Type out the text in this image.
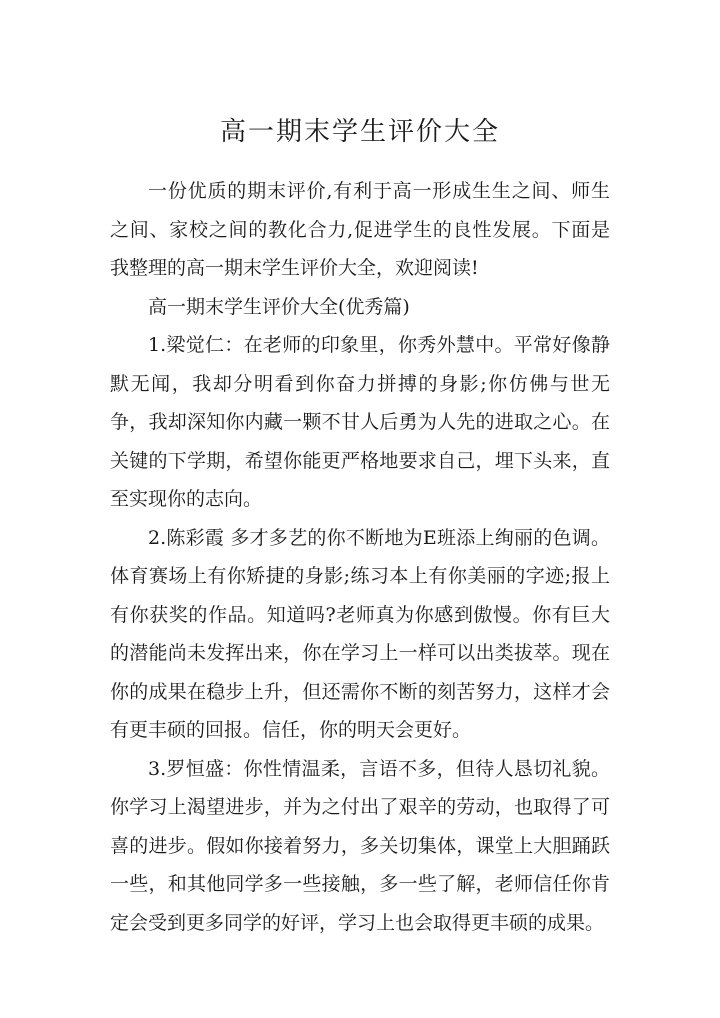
高一期末学生评价大全

一份优质的期末评价,有利于高一形成生生之间、师生之间、家校之间的教化合力,促进学生的良性发展。下面是我整理的高一期末学生评价大全，欢迎阅读!

高一期末学生评价大全(优秀篇)

1.梁觉仁：在老师的印象里，你秀外慧中。平常好像静默无闻，我却分明看到你奋力拼搏的身影;你仿佛与世无争，我却深知你内藏一颗不甘人后勇为人先的进取之心。在关键的下学期，希望你能更严格地要求自己，埋下头来，直至实现你的志向。

2.陈彩霞 多才多艺的你不断地为E班添上绚丽的色调。体育赛场上有你矫捷的身影;练习本上有你美丽的字迹;报上有你获奖的作品。知道吗?老师真为你感到傲慢。你有巨大的潜能尚未发挥出来，你在学习上一样可以出类拔萃。现在你的成果在稳步上升，但还需你不断的刻苦努力，这样才会有更丰硕的回报。信任，你的明天会更好。

3.罗恒盛：你性情温柔，言语不多，但待人恳切礼貌。你学习上渴望进步，并为之付出了艰辛的劳动，也取得了可喜的进步。假如你接着努力，多关切集体，课堂上大胆踊跃一些，和其他同学多一些接触，多一些了解，老师信任你肯定会受到更多同学的好评，学习上也会取得更丰硕的成果。
